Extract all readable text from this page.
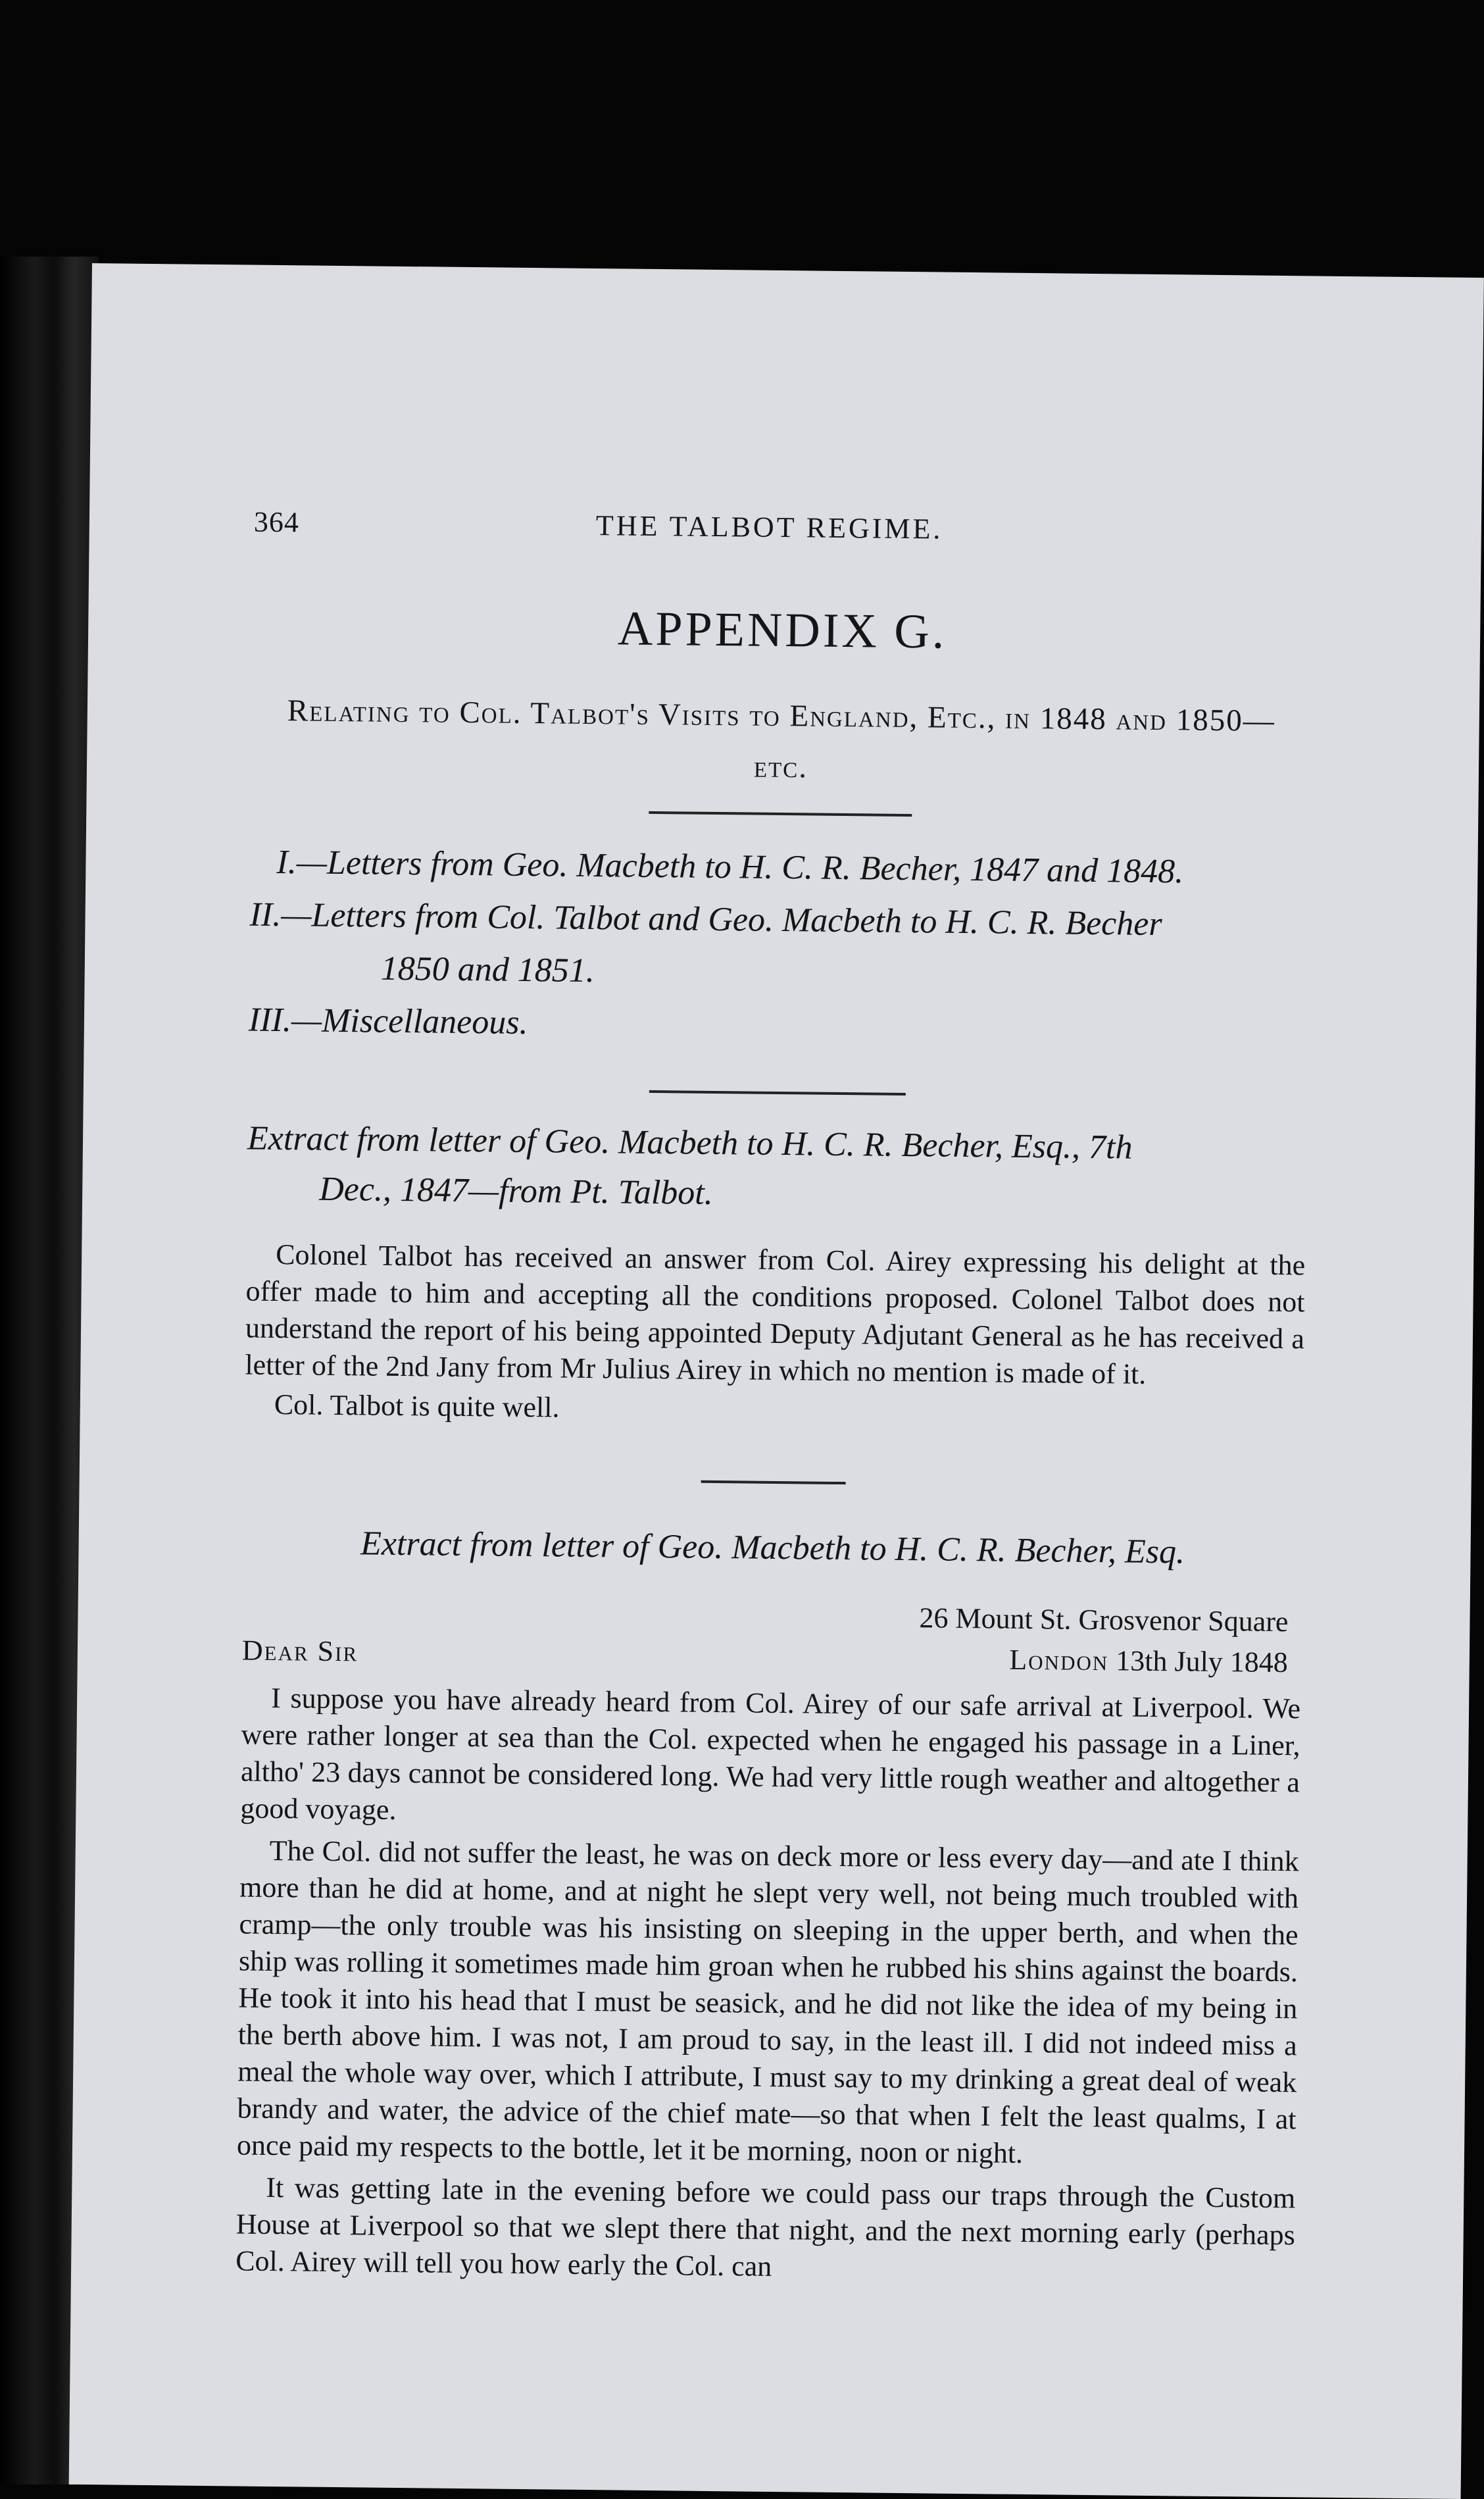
364	THE TALBOT REGIME.
APPENDIX G.
Relating to Col. Talbot's Visits to England, Etc., in 1848 and 1850—etc.
I.—Letters from Geo. Macbeth to H. C. R. Becher, 1847 and 1848.
II.—Letters from Col. Talbot and Geo. Macbeth to H. C. R. Becher
1850 and 1851.
III.—Miscellaneous.
Extract from letter of Geo. Macbeth to H. C. R. Becher, Esq., 7th
Dec., 1847—from Pt. Talbot.

Colonel Talbot has received an answer from Col. Airey expressing his delight at the offer made to him and accepting all the conditions proposed. Colonel Talbot does not understand the report of his being appointed Deputy Adjutant General as he has received a letter of the 2nd Jany from Mr Julius Airey in which no mention is made of it.

Col. Talbot is quite well.

Extract from letter of Geo. Macbeth to H. C. R. Becher, Esq.
Dear Sir
26 Mount St. Grosvenor Square
London 13th July 1848

I suppose you have already heard from Col. Airey of our safe arrival at Liverpool. We were rather longer at sea than the Col. expected when he engaged his passage in a Liner, altho' 23 days cannot be considered long. We had very little rough weather and altogether a good voyage.

The Col. did not suffer the least, he was on deck more or less every day—and ate I think more than he did at home, and at night he slept very well, not being much troubled with cramp—the only trouble was his insisting on sleeping in the upper berth, and when the ship was rolling it sometimes made him groan when he rubbed his shins against the boards. He took it into his head that I must be seasick, and he did not like the idea of my being in the berth above him. I was not, I am proud to say, in the least ill. I did not indeed miss a meal the whole way over, which I attribute, I must say to my drinking a great deal of weak brandy and water, the advice of the chief mate—so that when I felt the least qualms, I at once paid my respects to the bottle, let it be morning, noon or night.

It was getting late in the evening before we could pass our traps through the Custom House at Liverpool so that we slept there that night, and the next morning early (perhaps Col. Airey will tell you how early the Col. can
